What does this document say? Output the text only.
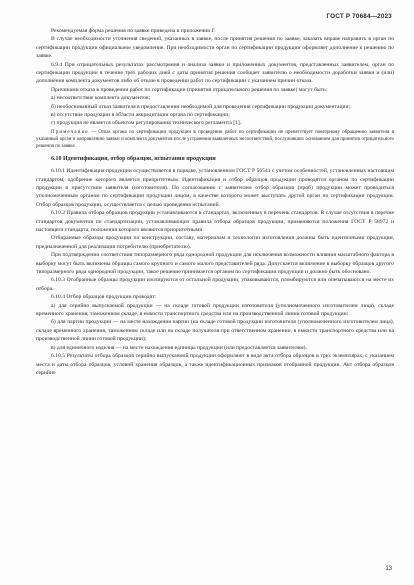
ГОСТ Р 70684—2023

Рекомендуемая форма решения по заявке приведена в приложении Г.

В случае необходимости уточнения сведений, указанных в заявке, после принятия решения по заявке, заказать вправе направить в орган по сертификации продукции официальное уведомление. При необходимости орган по сертификации продукции оформляет дополнение к решению по заявке.

6.9.4 При отрицательных результатах рассмотрения и анализа заявки и приложенных документов, представленных заявителем, орган по сертификации продукции в течение трех рабочих дней с даты принятия решения сообщает заявителю о необходимости доработки заявки и (или) дополнения комплекта документов либо об отказе в проведении работ по сертификации с указанием причин отказа.

Причинами отказа в проведении работ по сертификации (принятия отрицательного решения по заявке) могут быть:

а) несоответствие комплекта документов;

б) необоснованный отказ заявителя в предоставлении необходимой для проведения сертификации продукции документации;

в) отсутствие продукции в области аккредитации органа по сертификации;

г) продукция не является объектом регулирования технического регламента [1].

Примечание — Отказ органа по сертификации продукции в проведении работ по сертификации не препятствует повторному обращению заявителя в указанный орган и направлению заявки и комплекта документов после устранения выявленных несоответствий, послуживших основанием для принятия отрицательного решения по заявке.

6.10 Идентификация, отбор образцов, испытания продукции

6.10.1 Идентификация продукции осуществляется в порядке, установленном ГОСТ Р 56541 с учетом особенностей, установленных настоящим стандартом, одобрение которого является приоритетным. Идентификация и отбор образцов продукции проводятся органом по сертификации продукции в присутствии заявителя (изготовителя). По согласованию с заявителем отбор образцов (проб) продукции может проводиться уполномоченным органом по сертификации продукции лицом, в качестве которого может выступать другой орган по сертификации продукции. Отбор образцов продукции, осуществляется с целью проведения испытаний.

6.10.2 Правила отбора образцов продукции устанавливаются в стандартах, включенных в перечень стандартов. В случае отсутствия в перечне стандартов документов по стандартизации, устанавливающих правила отбора образцов продукции, применяются положения ГОСТ Р 58972 и настоящего стандарта, положения которого являются приоритетными.

Отбираемые образцы продукции по конструкции, составу, материалам и технологии изготовления должны быть идентичными продукции, предназначенной для реализации потребителю (приобретателю).

При подтверждении соответствия типоразмерного ряда однородной продукции для исключения возможности влияния масштабного фактора в выборку могут быть включены образцы самого крупного и самого малого представителей ряда. Допускается включение в выборку образцов другого типоразмерного ряда однородной продукции, такое решение принимается органом по сертификации продукции и должно быть обосновано.

6.10.3 Отобранные образцы продукции изолируются от остальной продукции, упаковываются, пломбируются или опечатываются на месте их отбора.

6.10.4 Отбор образцов продукции проводят:

а) для серийно выпускаемой продукции — на складе готовой продукции изготовителя (уполномоченного изготовителем лица), складе временного хранения, таможенном складе, в емкости транспортного средства или на производственной линии готовой продукции;

б) для партии продукции — на месте нахождения партии (на складе готовой продукции изготовителя (уполномоченного изготовителем лица), складе временного хранения, таможенном складе или на складе получателя при ответственном хранении, в емкости транспортного средства или на производственной линии готовой продукции);

в) для единичного изделия — на месте нахождения единицы продукции (или предоставляется заявителем).

6.10.5 Результаты отбора образцов серийно выпускаемой продукции оформляют в виде акта отбора образцов в трех экземплярах, с указанием места и даты отбора образцов, условий хранения образцов, а также идентификационных признаков отобранной продукции. Акт отбора образцов серийно

13
